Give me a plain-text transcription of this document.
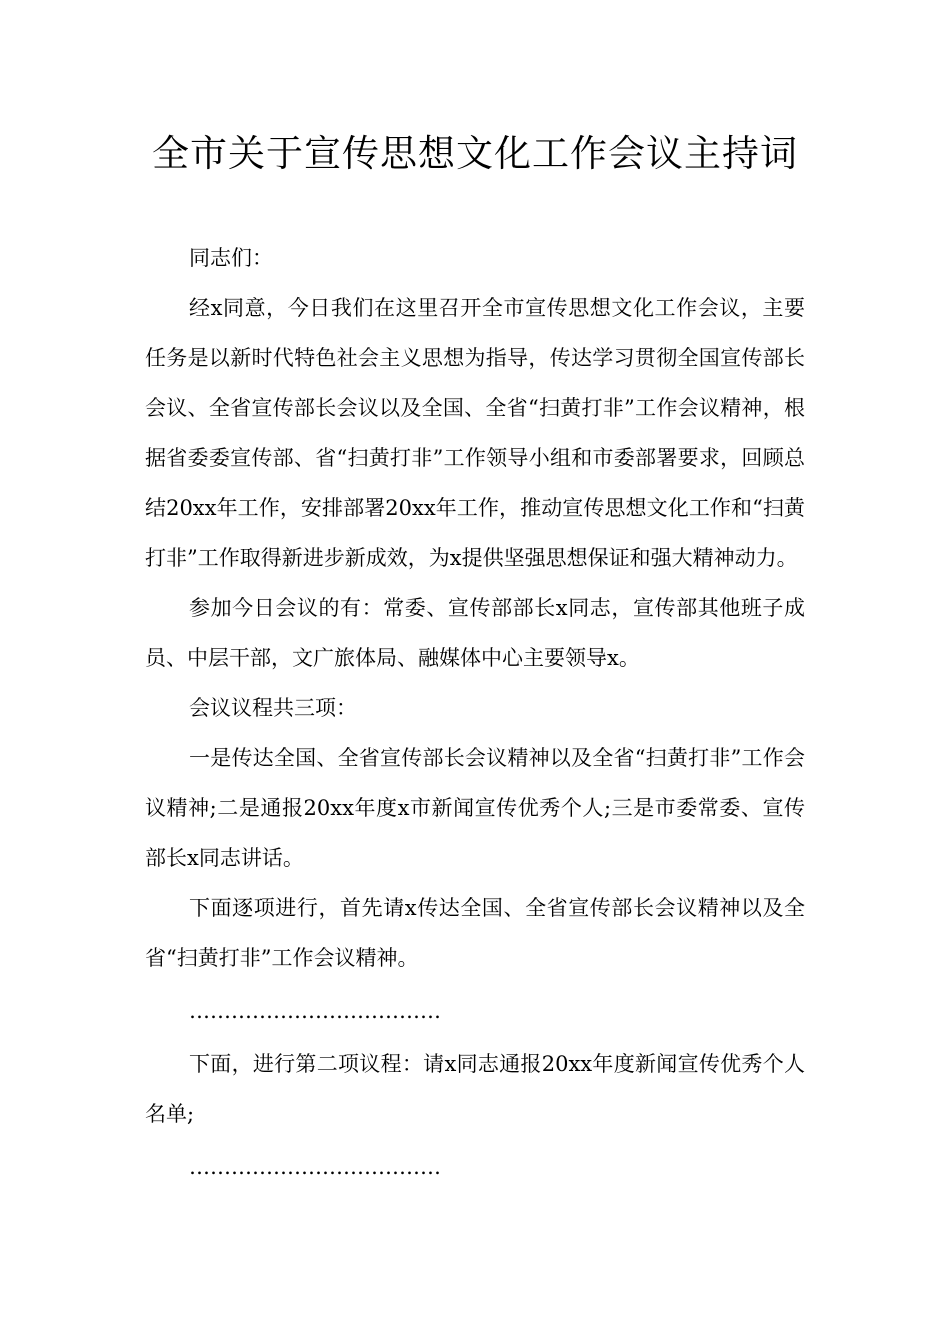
全市关于宣传思想文化工作会议主持词

同志们：

经x同意，今日我们在这里召开全市宣传思想文化工作会议，主要任务是以新时代特色社会主义思想为指导，传达学习贯彻全国宣传部长会议、全省宣传部长会议以及全国、全省“扫黄打非”工作会议精神，根据省委委宣传部、省“扫黄打非”工作领导小组和市委部署要求，回顾总结20xx年工作，安排部署20xx年工作，推动宣传思想文化工作和“扫黄打非”工作取得新进步新成效，为x提供坚强思想保证和强大精神动力。

参加今日会议的有：常委、宣传部部长x同志，宣传部其他班子成员、中层干部，文广旅体局、融媒体中心主要领导x。

会议议程共三项：

一是传达全国、全省宣传部长会议精神以及全省“扫黄打非”工作会议精神;二是通报20xx年度x市新闻宣传优秀个人;三是市委常委、宣传部长x同志讲话。

下面逐项进行，首先请x传达全国、全省宣传部长会议精神以及全省“扫黄打非”工作会议精神。

………………………………

下面，进行第二项议程：请x同志通报20xx年度新闻宣传优秀个人名单;

………………………………
